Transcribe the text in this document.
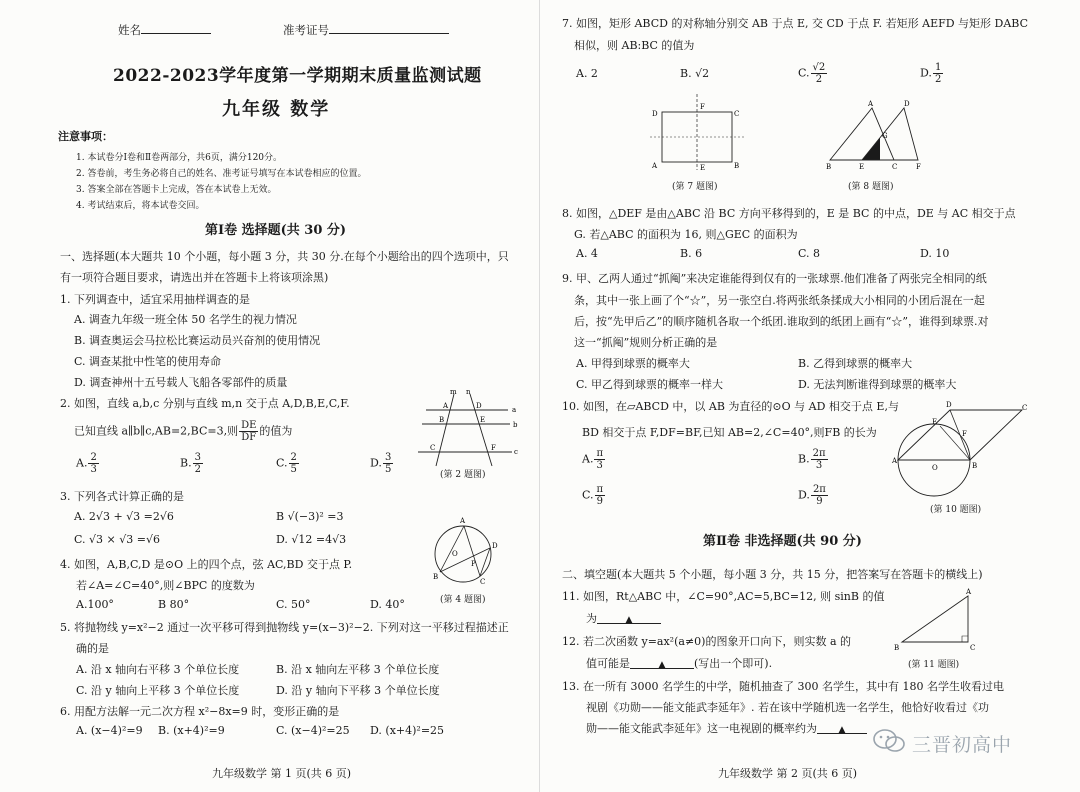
姓名	准考证号
2022-2023学年度第一学期期末质量监测试题
九年级 数学
注意事项：
1. 本试卷分Ⅰ卷和Ⅱ卷两部分，共6页，满分120分。
2. 答卷前，考生务必将自己的姓名、准考证号填写在本试卷相应的位置。
3. 答案全部在答题卡上完成，答在本试卷上无效。
4. 考试结束后，将本试卷交回。
第Ⅰ卷 选择题(共 30 分)
一、选择题(本大题共 10 个小题，每小题 3 分，共 30 分.在每个小题给出的四个选项中，只
有一项符合题目要求，请选出并在答题卡上将该项涂黑)
1. 下列调查中，适宜采用抽样调查的是
A. 调查九年级一班全体 50 名学生的视力情况
B. 调查奥运会马拉松比赛运动员兴奋剂的使用情况
C. 调查某批中性笔的使用寿命
D. 调查神州十五号载人飞船各零部件的质量
2. 如图，直线 a,b,c 分别与直线 m,n 交于点 A,D,B,E,C,F.
已知直线 a∥b∥c,AB=2,BC=3,则 $\frac{DE}{DF}$ 的值为
A. $\frac{2}{3}$	B. $\frac{3}{2}$	C. $\frac{2}{5}$	D. $\frac{3}{5}$
m n
a
b
c
A	D
B	E
C	F
(第 2 题图)
3. 下列各式计算正确的是
A. 2√3 + √3 =2√6	B √(−3)² =3
C. √3 × √3 =√6	D. √12 =4√3
4. 如图，A,B,C,D 是⊙O 上的四个点，弦 AC,BD 交于点 P.
若∠A=∠C=40°,则∠BPC 的度数为
A.100°	B 80°	C. 50°	D. 40°
A
O
D
P
B
C
(第 4 题图)
5. 将抛物线 y=x²−2 通过一次平移可得到抛物线 y=(x−3)²−2. 下列对这一平移过程描述正
确的是
A. 沿 x 轴向右平移 3 个单位长度	B. 沿 x 轴向左平移 3 个单位长度
C. 沿 y 轴向上平移 3 个单位长度	D. 沿 y 轴向下平移 3 个单位长度
6. 用配方法解一元二次方程 x²−8x=9 时，变形正确的是
A. (x−4)²=9 B. (x+4)²=9	C. (x−4)²=25 D. (x+4)²=25
九年级数学 第 1 页(共 6 页)
7. 如图，矩形 ABCD 的对称轴分别交 AB 于点 E, 交 CD 于点 F. 若矩形 AEFD 与矩形 DABC
相似，则 AB:BC 的值为
A. 2	B. √2	C. $\frac{√2}{2}$	D. $\frac{1}{2}$
D
F
C
A	E	B
(第 7 题图)
A	D
G
B	E	C	F
(第 8 题图)
8. 如图，△DEF 是由△ABC 沿 BC 方向平移得到的，E 是 BC 的中点，DE 与 AC 相交于点
G. 若△ABC 的面积为 16, 则△GEC 的面积为
A. 4	B. 6	C. 8	D. 10
9. 甲、乙两人通过“抓阄”来决定谁能得到仅有的一张球票.他们准备了两张完全相同的纸
条，其中一张上画了个“☆”，另一张空白.将两张纸条揉成大小相同的小团后混在一起
后，按“先甲后乙”的顺序随机各取一个纸团.谁取到的纸团上画有“☆”，谁得到球票.对
这一“抓阄”规则分析正确的是
A. 甲得到球票的概率大	B. 乙得到球票的概率大
C. 甲乙得到球票的概率一样大	D. 无法判断谁得到球票的概率大
10. 如图，在▱ABCD 中，以 AB 为直径的⊙O 与 AD 相交于点 E,与
BD 相交于点 F,DF=BF,已知 AB=2,∠C=40°,则FB 的长为
A. $\frac{\pi}{3}$	B. $\frac{2\pi}{3}$
C. $\frac{\pi}{9}$	D. $\frac{2\pi}{9}$
D	C
E
F
A
O	B
(第 10 题图)
第Ⅱ卷 非选择题(共 90 分)
二、填空题(本大题共 5 个小题，每小题 3 分，共 15 分，把答案写在答题卡的横线上)
11. 如图，Rt△ABC 中，∠C=90°,AC=5,BC=12, 则 sinB 的值
为	▲
A
B	C
(第 11 题图)
12. 若二次函数 y=ax²(a≠0)的图象开口向下，则实数 a 的
值可能是	▲	(写出一个即可).
13. 在一所有 3000 名学生的中学，随机抽查了 300 名学生，其中有 180 名学生收看过电
视剧《功勋——能文能武李延年》. 若在该中学随机选一名学生，他恰好收看过《功
勋——能文能武李延年》这一电视剧的概率约为 ▲
九年级数学 第 2 页(共 6 页)
三晋初高中
